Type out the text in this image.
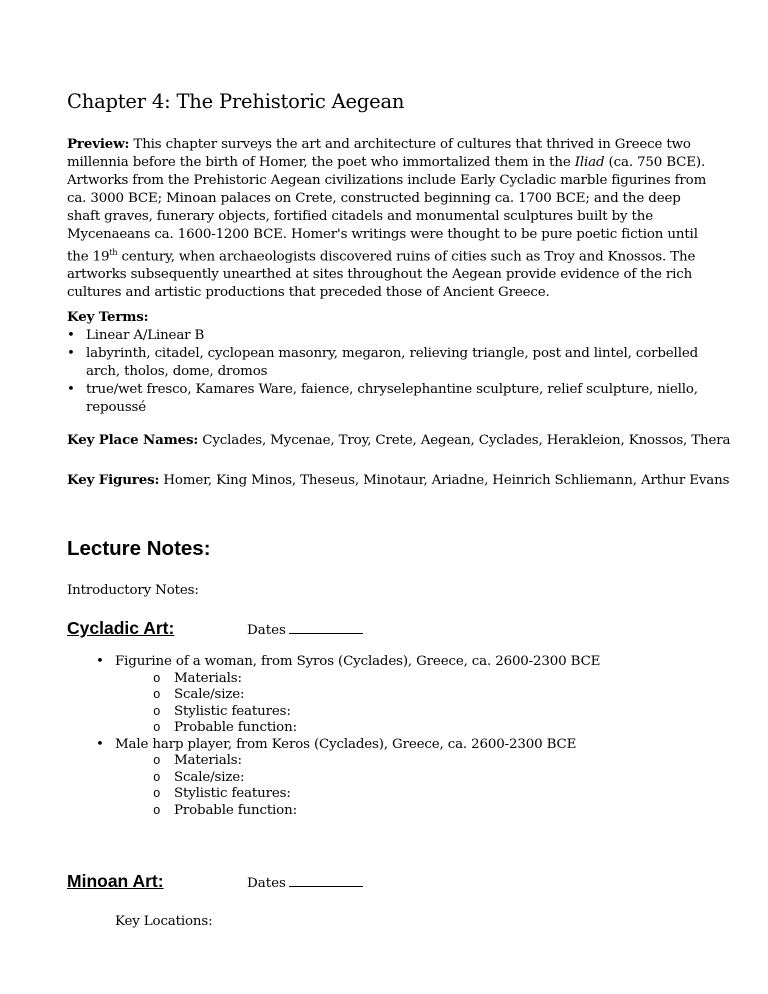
Chapter 4: The Prehistoric Aegean

Preview: This chapter surveys the art and architecture of cultures that thrived in Greece two millennia before the birth of Homer, the poet who immortalized them in the Iliad (ca. 750 BCE). Artworks from the Prehistoric Aegean civilizations include Early Cycladic marble figurines from ca. 3000 BCE; Minoan palaces on Crete, constructed beginning ca. 1700 BCE; and the deep shaft graves, funerary objects, fortified citadels and monumental sculptures built by the Mycenaeans ca. 1600-1200 BCE. Homer's writings were thought to be pure poetic fiction until the 19th century, when archaeologists discovered ruins of cities such as Troy and Knossos. The artworks subsequently unearthed at sites throughout the Aegean provide evidence of the rich cultures and artistic productions that preceded those of Ancient Greece.

Key Terms:
• Linear A/Linear B
• labyrinth, citadel, cyclopean masonry, megaron, relieving triangle, post and lintel, corbelled arch, tholos, dome, dromos
• true/wet fresco, Kamares Ware, faience, chryselephantine sculpture, relief sculpture, niello, repoussé

Key Place Names: Cyclades, Mycenae, Troy, Crete, Aegean, Cyclades, Herakleion, Knossos, Thera

Key Figures: Homer, King Minos, Theseus, Minotaur, Ariadne, Heinrich Schliemann, Arthur Evans

Lecture Notes:

Introductory Notes:

Cycladic Art:	Dates
• Figurine of a woman, from Syros (Cyclades), Greece, ca. 2600-2300 BCE
o Materials:
o Scale/size:
o Stylistic features:
o Probable function:
• Male harp player, from Keros (Cyclades), Greece, ca. 2600-2300 BCE
o Materials:
o Scale/size:
o Stylistic features:
o Probable function:
Minoan Art:	Dates

Key Locations:
